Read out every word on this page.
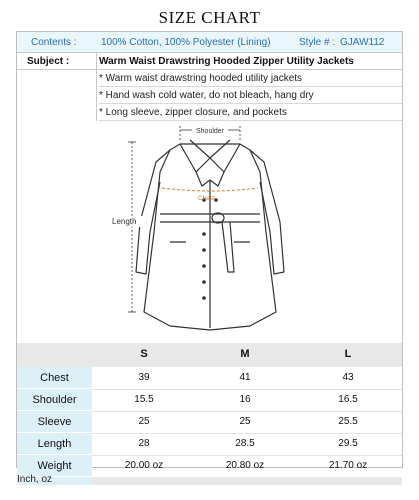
SIZE CHART
Contents : 100% Cotton, 100% Polyester (Lining)	Style # : GJAW112
Subject :	Warm Waist Drawstring Hooded Zipper Utility Jackets
* Warm waist drawstring hooded utility jackets
* Hand wash cold water, do not bleach, hang dry
* Long sleeve, zipper closure, and pockets
Shoulder
Chest
Length
S	M	L
Chest	39	41	43
Shoulder	15.5	16	16.5
Sleeve	25	25	25.5
Length	28	28.5	29.5
Weight	20.00 oz	20.80 oz	21.70 oz
Inch, oz
